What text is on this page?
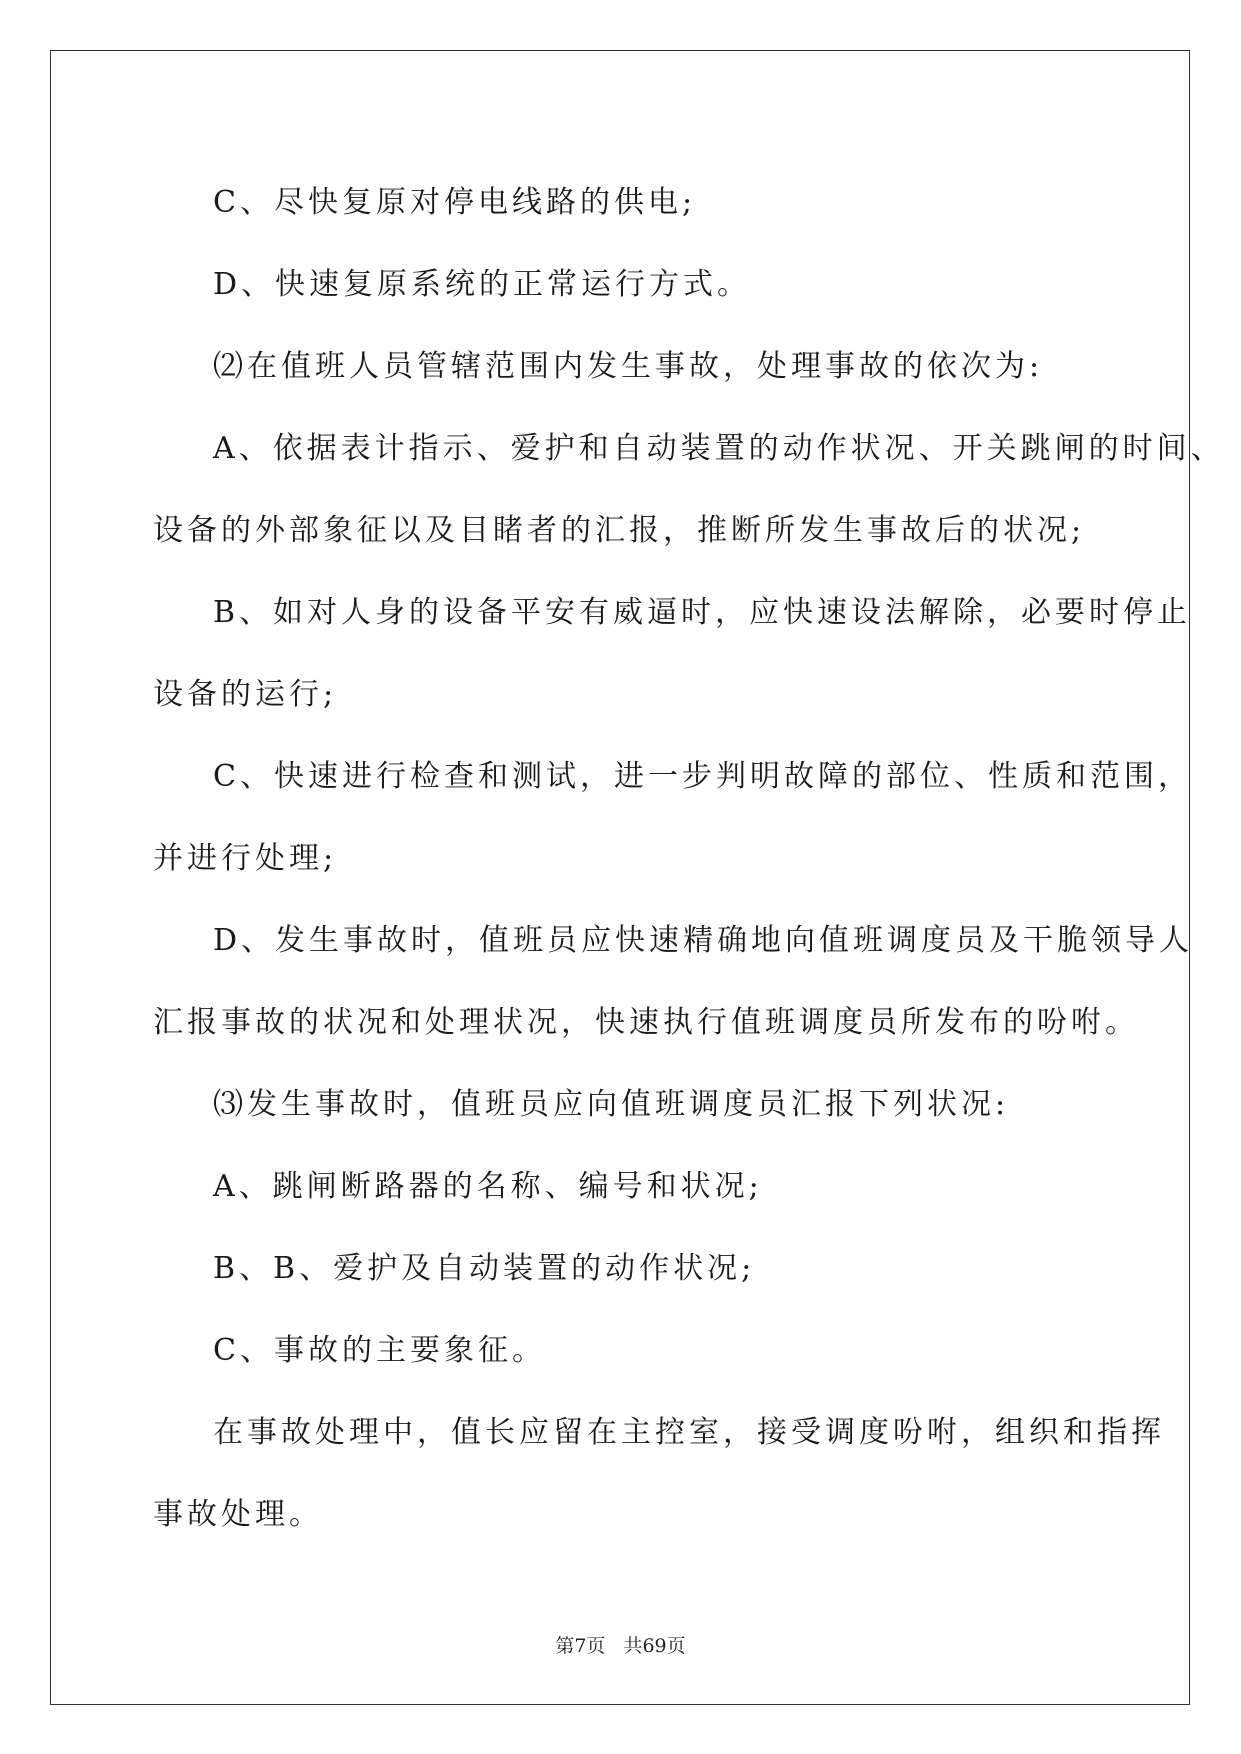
C、尽快复原对停电线路的供电;
D、快速复原系统的正常运行方式。
⑵在值班人员管辖范围内发生事故，处理事故的依次为:
A、依据表计指示、爱护和自动装置的动作状况、开关跳闸的时间、
设备的外部象征以及目睹者的汇报，推断所发生事故后的状况;
B、如对人身的设备平安有威逼时，应快速设法解除，必要时停止
设备的运行;
C、快速进行检查和测试，进一步判明故障的部位、性质和范围，
并进行处理;
D、发生事故时，值班员应快速精确地向值班调度员及干脆领导人
汇报事故的状况和处理状况，快速执行值班调度员所发布的吩咐。
⑶发生事故时，值班员应向值班调度员汇报下列状况:
A、跳闸断路器的名称、编号和状况;
B、B、爱护及自动装置的动作状况;
C、事故的主要象征。
在事故处理中，值长应留在主控室，接受调度吩咐，组织和指挥
事故处理。
第7页 共69页
